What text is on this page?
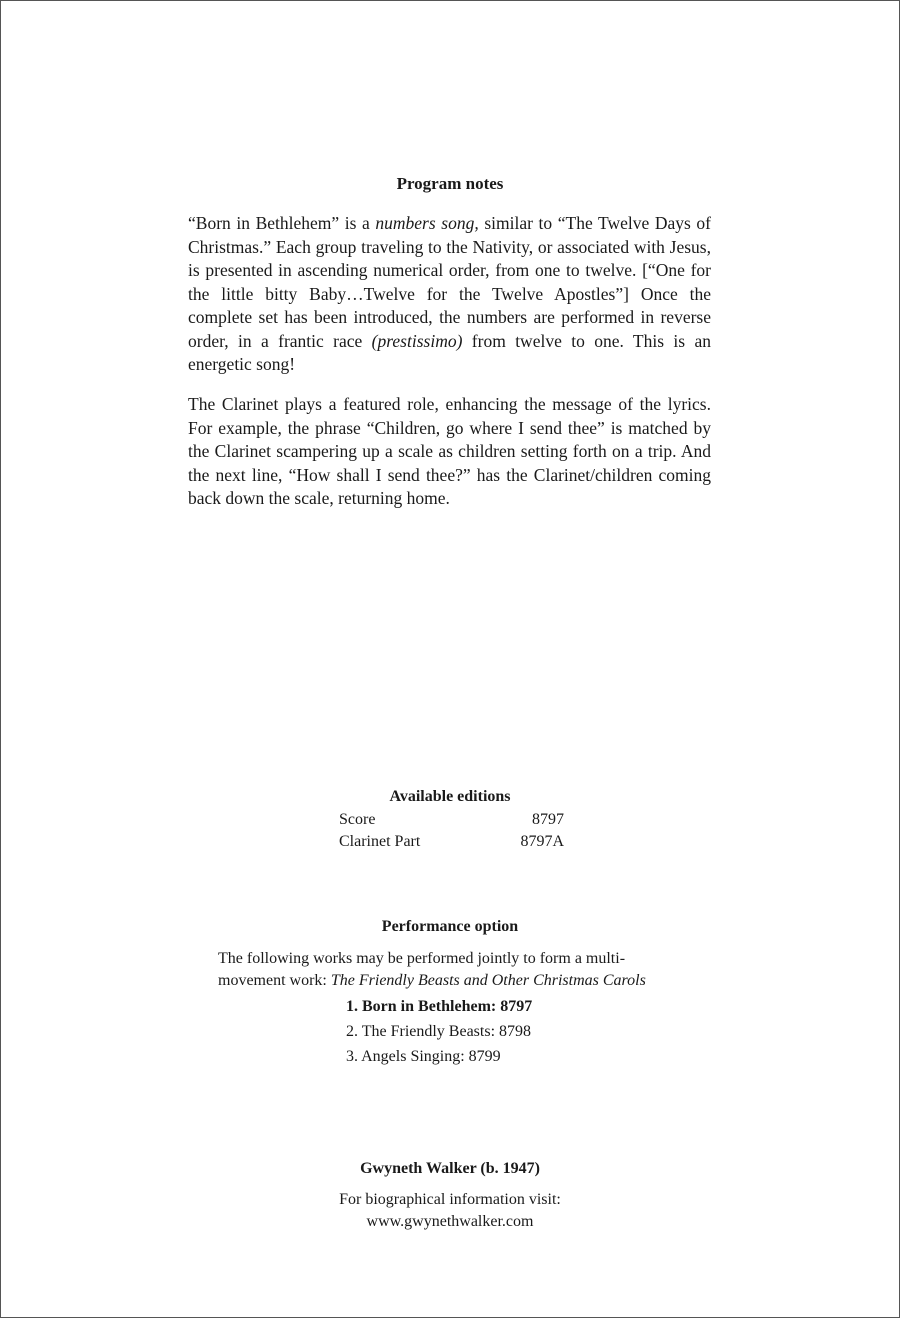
Program notes

“Born in Bethlehem” is a numbers song, similar to “The Twelve Days of Christmas.” Each group traveling to the Nativity, or associated with Jesus, is presented in ascending numerical order, from one to twelve. [“One for the little bitty Baby…Twelve for the Twelve Apostles”] Once the complete set has been introduced, the numbers are performed in reverse order, in a frantic race (prestissimo) from twelve to one. This is an energetic song!

The Clarinet plays a featured role, enhancing the message of the lyrics. For example, the phrase “Children, go where I send thee” is matched by the Clarinet scampering up a scale as children setting forth on a trip. And the next line, “How shall I send thee?” has the Clarinet/children coming back down the scale, returning home.

Available editions
Score	8797
Clarinet Part	8797A
Performance option

The following works may be performed jointly to form a multi-movement work: The Friendly Beasts and Other Christmas Carols

1. Born in Bethlehem: 8797
2. The Friendly Beasts: 8798
3. Angels Singing: 8799
Gwyneth Walker (b. 1947)
For biographical information visit:
www.gwynethwalker.com
